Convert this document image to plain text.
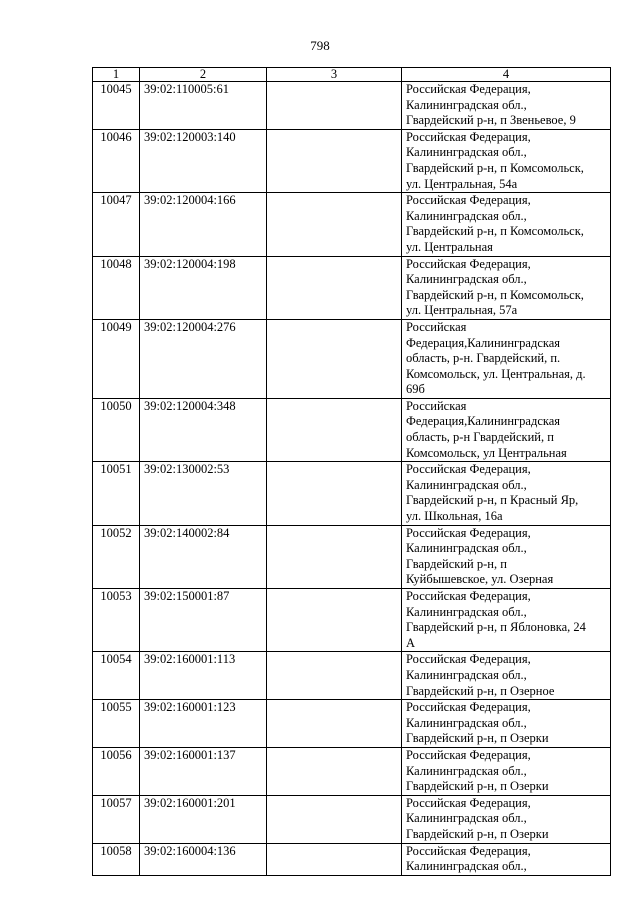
798
1	2	3	4
10045	39:02:110005:61		Российская Федерация,
Калининградская обл.,
Гвардейский р-н, п Звеньевое, 9

10046	39:02:120003:140		Российская Федерация,
Калининградская обл.,
Гвардейский р-н, п Комсомольск,
ул. Центральная, 54а

10047	39:02:120004:166		Российская Федерация,
Калининградская обл.,
Гвардейский р-н, п Комсомольск,
ул. Центральная

10048	39:02:120004:198		Российская Федерация,
Калининградская обл.,
Гвардейский р-н, п Комсомольск,
ул. Центральная, 57а

10049	39:02:120004:276		Российская
Федерация,Калининградская
область, р-н. Гвардейский, п.
Комсомольск, ул. Центральная, д.
69б

10050	39:02:120004:348		Российская
Федерация,Калининградская
область, р-н Гвардейский, п
Комсомольск, ул Центральная

10051	39:02:130002:53		Российская Федерация,
Калининградская обл.,
Гвардейский р-н, п Красный Яр,
ул. Школьная, 16а

10052	39:02:140002:84		Российская Федерация,
Калининградская обл.,
Гвардейский р-н, п
Куйбышевское, ул. Озерная

10053	39:02:150001:87		Российская Федерация,
Калининградская обл.,
Гвардейский р-н, п Яблоновка, 24
А

10054	39:02:160001:113		Российская Федерация,
Калининградская обл.,
Гвардейский р-н, п Озерное

10055	39:02:160001:123		Российская Федерация,
Калининградская обл.,
Гвардейский р-н, п Озерки

10056	39:02:160001:137		Российская Федерация,
Калининградская обл.,
Гвардейский р-н, п Озерки

10057	39:02:160001:201		Российская Федерация,
Калининградская обл.,
Гвардейский р-н, п Озерки

10058	39:02:160004:136		Российская Федерация,
Калининградская обл.,
